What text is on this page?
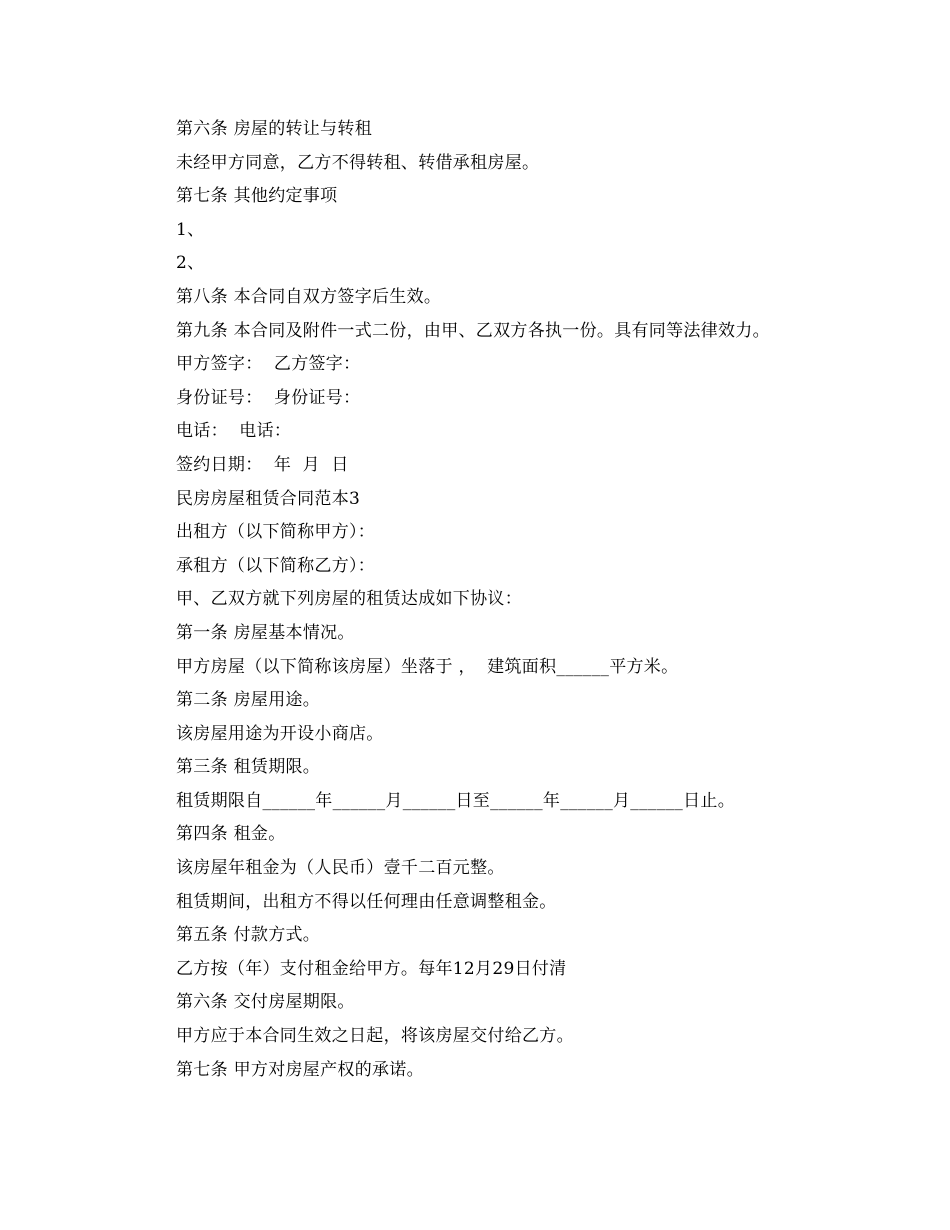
第六条 房屋的转让与转租
未经甲方同意，乙方不得转租、转借承租房屋。
第七条 其他约定事项
1、
2、
第八条 本合同自双方签字后生效。
第九条 本合同及附件一式二份，由甲、乙双方各执一份。具有同等法律效力。
甲方签字：  乙方签字：
身份证号：  身份证号：
电话：  电话：
签约日期：  年  月  日
民房房屋租赁合同范本3
出租方（以下简称甲方）：
承租方（以下简称乙方）：
甲、乙双方就下列房屋的租赁达成如下协议：
第一条 房屋基本情况。
甲方房屋（以下简称该房屋）坐落于 ，  建筑面积______平方米。
第二条 房屋用途。
该房屋用途为开设小商店。
第三条 租赁期限。
租赁期限自______年______月______日至______年______月______日止。
第四条 租金。
该房屋年租金为（人民币）壹千二百元整。
租赁期间，出租方不得以任何理由任意调整租金。
第五条 付款方式。
乙方按（年）支付租金给甲方。每年12月29日付清
第六条 交付房屋期限。
甲方应于本合同生效之日起，将该房屋交付给乙方。
第七条 甲方对房屋产权的承诺。
